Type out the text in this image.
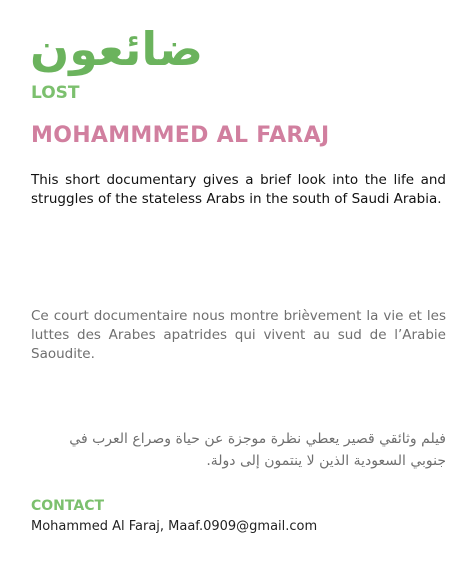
ضائعون
LOST
MOHAMMMED AL FARAJ

This short documentary gives a brief look into the life and struggles of the stateless Arabs in the south of Saudi Arabia.

Ce court documentaire nous montre brièvement la vie et les luttes des Arabes apatrides qui vivent au sud de l’Arabie Saoudite.

فيلم وثائقي قصير يعطي نظرة موجزة عن حياة وصراع العرب في جنوبي السعودية الذين لا ينتمون إلى دولة.

CONTACT

Mohammed Al Faraj, Maaf.0909@gmail.com
